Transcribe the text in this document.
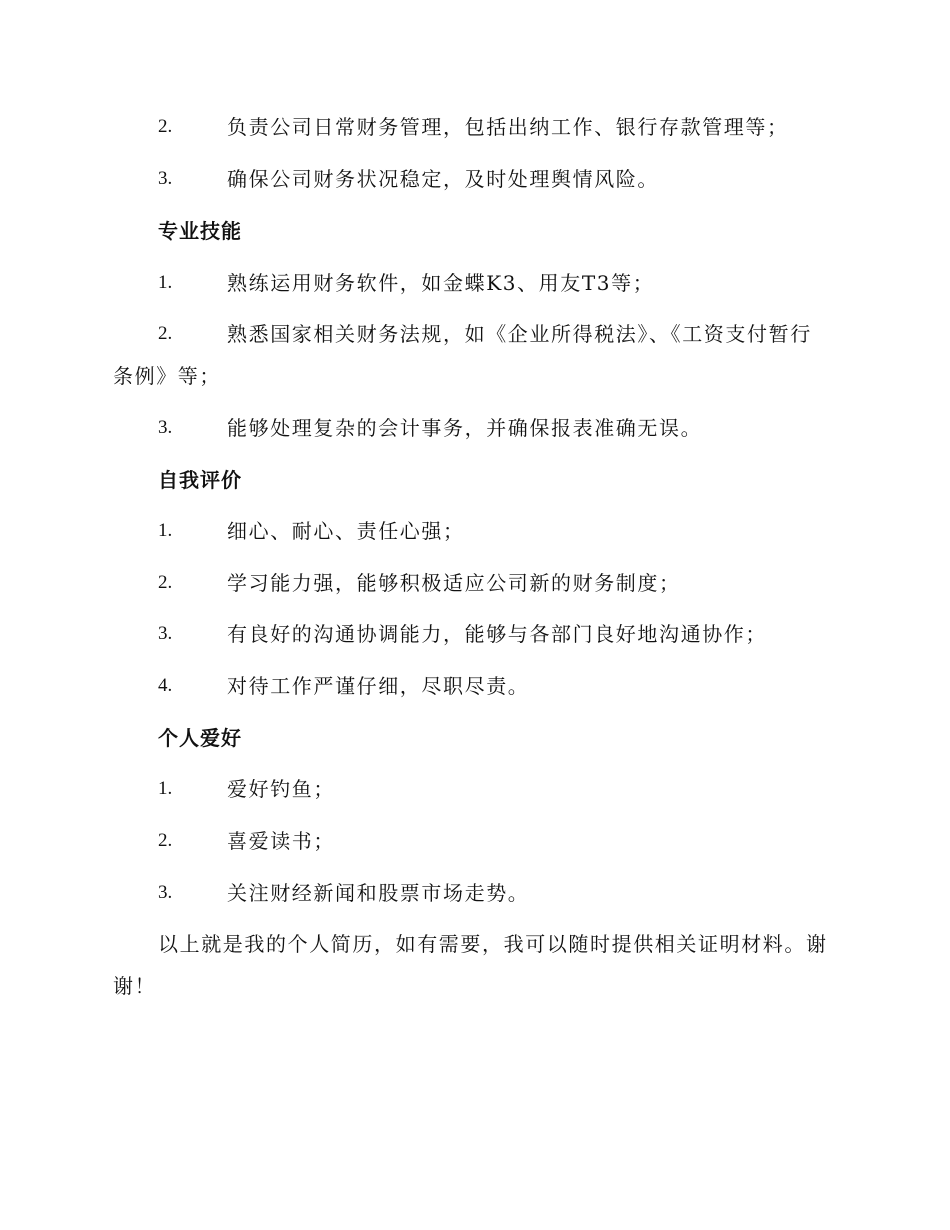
2.	负责公司日常财务管理，包括出纳工作、银行存款管理等；
3.	确保公司财务状况稳定，及时处理舆情风险。
专业技能
1.	熟练运用财务软件，如金蝶K3、用友T3等；
2.	熟悉国家相关财务法规，如《企业所得税法》、《工资支付暂行
条例》等；
3.	能够处理复杂的会计事务，并确保报表准确无误。
自我评价
1.	细心、耐心、责任心强；
2.	学习能力强，能够积极适应公司新的财务制度；
3.	有良好的沟通协调能力，能够与各部门良好地沟通协作；
4.	对待工作严谨仔细，尽职尽责。
个人爱好
1.	爱好钓鱼；
2.	喜爱读书；
3.	关注财经新闻和股票市场走势。
以上就是我的个人简历，如有需要，我可以随时提供相关证明材料。谢
谢！
